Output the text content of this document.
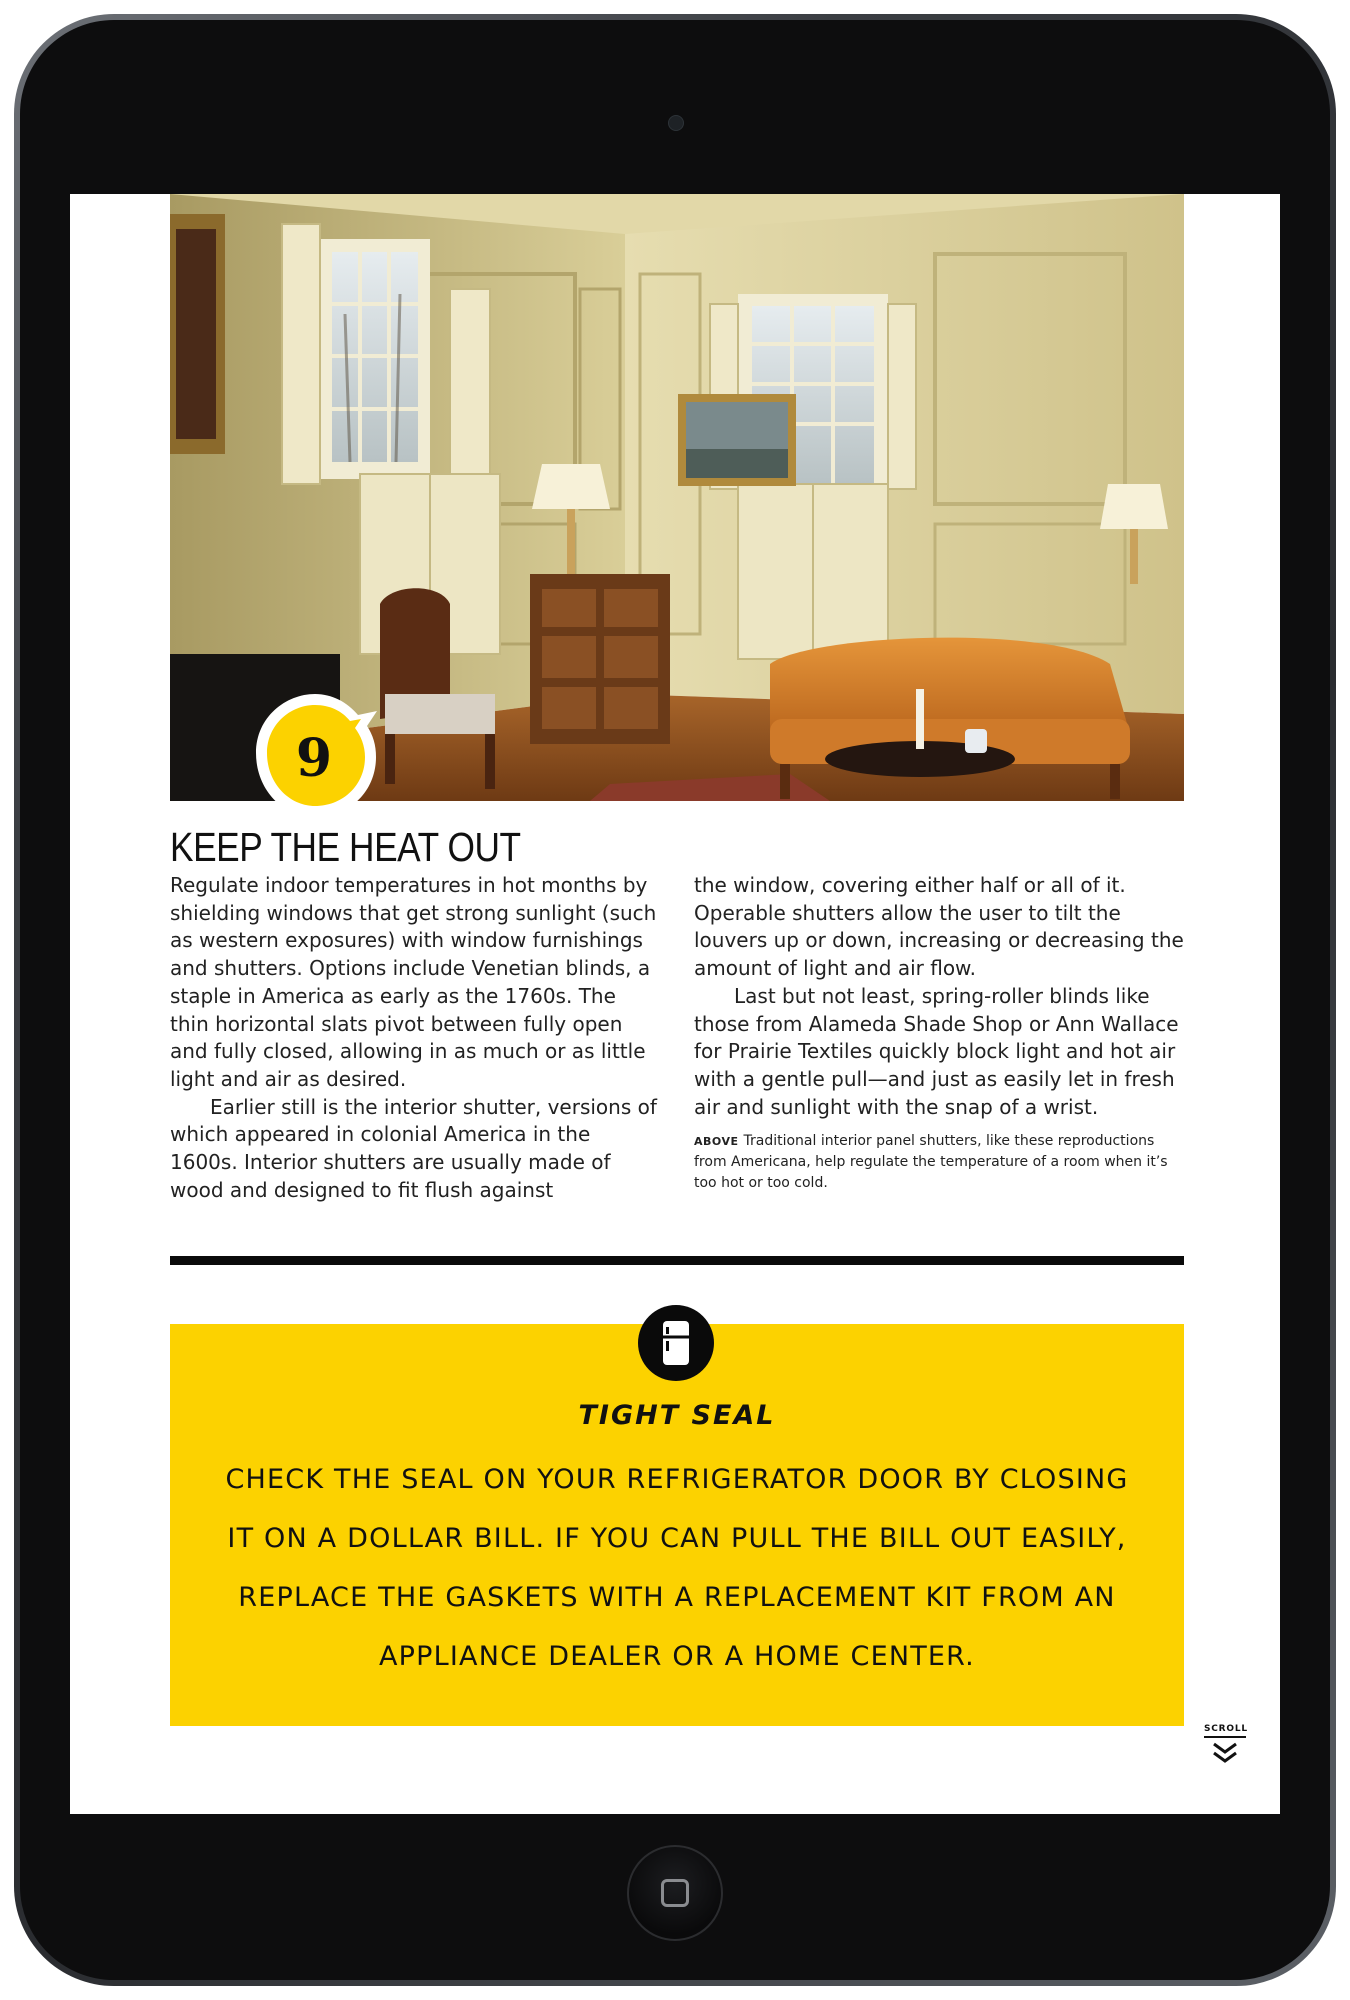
9
KEEP THE HEAT OUT

Regulate indoor temperatures in hot months by shielding windows that get strong sunlight (such as western exposures) with window furnishings and shutters. Options include Venetian blinds, a staple in America as early as the 1760s. The thin horizontal slats pivot between fully open and fully closed, allowing in as much or as little light and air as desired.

Earlier still is the interior shutter, versions of which appeared in colonial America in the 1600s. Interior shutters are usually made of wood and designed to fit flush against

the window, covering either half or all of it. Operable shutters allow the user to tilt the louvers up or down, increasing or decreasing the amount of light and air flow.

Last but not least, spring-roller blinds like those from Alameda Shade Shop or Ann Wallace for Prairie Textiles quickly block light and hot air with a gentle pull—and just as easily let in fresh air and sunlight with the snap of a wrist.

ABOVE Traditional interior panel shutters, like these reproductions from Americana, help regulate the temperature of a room when it’s too hot or too cold.

TIGHT SEAL

CHECK THE SEAL ON YOUR REFRIGERATOR DOOR BY CLOSING IT ON A DOLLAR BILL. IF YOU CAN PULL THE BILL OUT EASILY, REPLACE THE GASKETS WITH A REPLACEMENT KIT FROM AN APPLIANCE DEALER OR A HOME CENTER.

SCROLL
